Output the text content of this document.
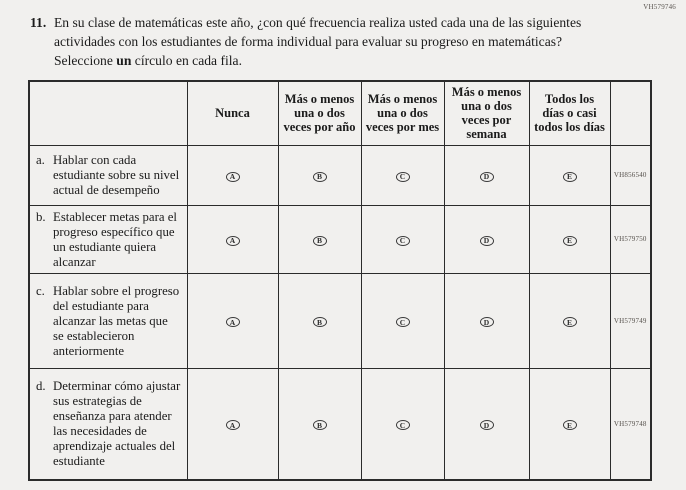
VH579746
11. En su clase de matemáticas este año, ¿con qué frecuencia realiza usted cada una de las siguientes actividades con los estudiantes de forma individual para evaluar su progreso en matemáticas? Seleccione un círculo en cada fila.
	Nunca	Más o menos una o dos veces por año	Más o menos una o dos veces por mes	Más o menos una o dos veces por semana	Todos los días o casi todos los días	

a. Hablar con cada estudiante sobre su nivel actual de desempeño	A	B	C	D	E	VH856540

b. Establecer metas para el progreso específico que un estudiante quiera alcanzar	A	B	C	D	E	VH579750

c. Hablar sobre el progreso del estudiante para alcanzar las metas que se establecieron anteriormente	A	B	C	D	E	VH579749

d. Determinar cómo ajustar sus estrategias de enseñanza para atender las necesidades de aprendizaje actuales del estudiante	A	B	C	D	E	VH579748
